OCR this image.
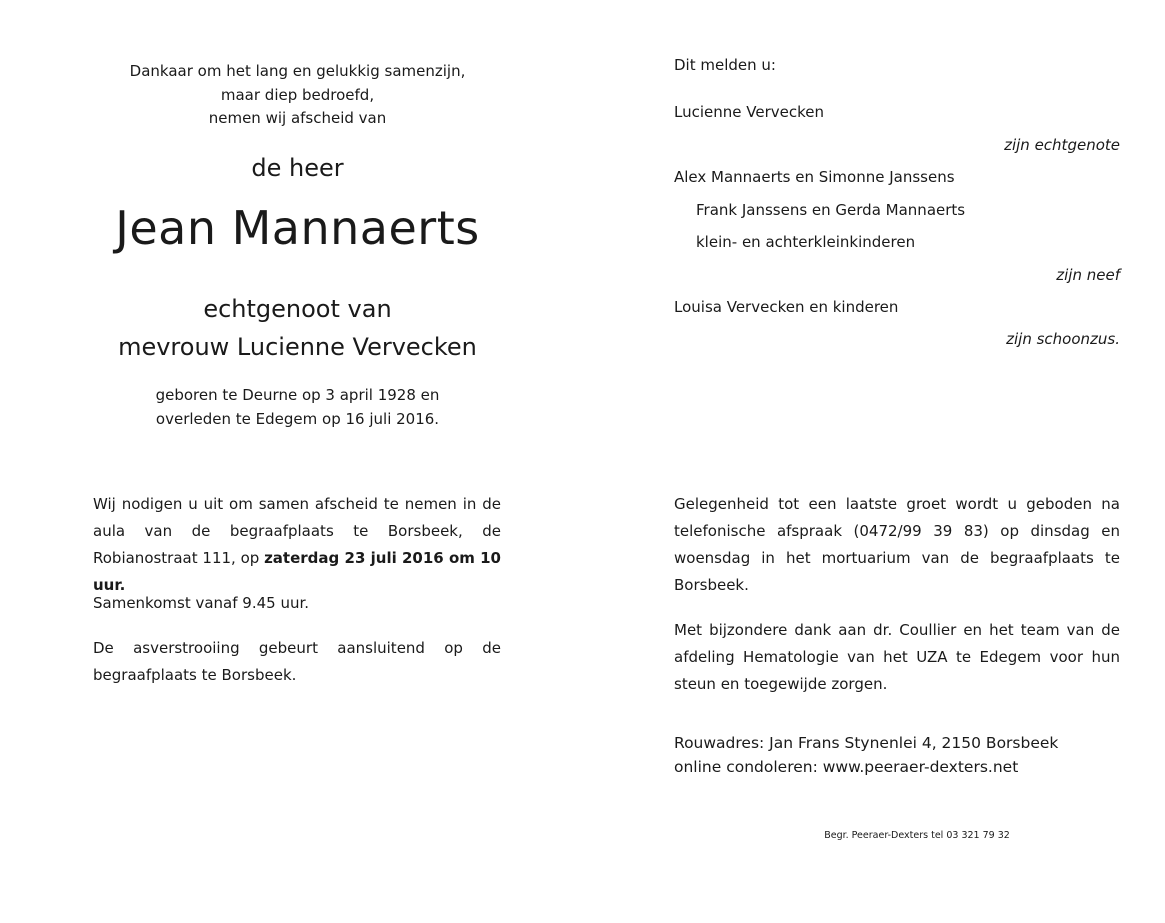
Dankaar om het lang en gelukkig samenzijn,
maar diep bedroefd,
nemen wij afscheid van
de heer
Jean Mannaerts
echtgenoot van
mevrouw Lucienne Vervecken
geboren te Deurne op 3 april 1928 en
overleden te Edegem op 16 juli 2016.
Wij nodigen u uit om samen afscheid te nemen in de aula van de begraafplaats te Borsbeek, de Robianostraat 111, op zaterdag 23 juli 2016 om 10 uur.
Samenkomst vanaf 9.45 uur.
De asverstrooiing gebeurt aansluitend op de begraafplaats te Borsbeek.
Dit melden u:
Lucienne Vervecken
zijn echtgenote
Alex Mannaerts en Simonne Janssens
Frank Janssens en Gerda Mannaerts
klein- en achterkleinkinderen
zijn neef
Louisa Vervecken en kinderen
zijn schoonzus.
Gelegenheid tot een laatste groet wordt u geboden na telefonische afspraak (0472/99 39 83) op dinsdag en woensdag in het mortuarium van de begraafplaats te Borsbeek.
Met bijzondere dank aan dr. Coullier en het team van de afdeling Hematologie van het UZA te Edegem voor hun steun en toegewijde zorgen.
Rouwadres: Jan Frans Stynenlei 4, 2150 Borsbeek
online condoleren: www.peeraer-dexters.net
Begr. Peeraer-Dexters tel 03 321 79 32
